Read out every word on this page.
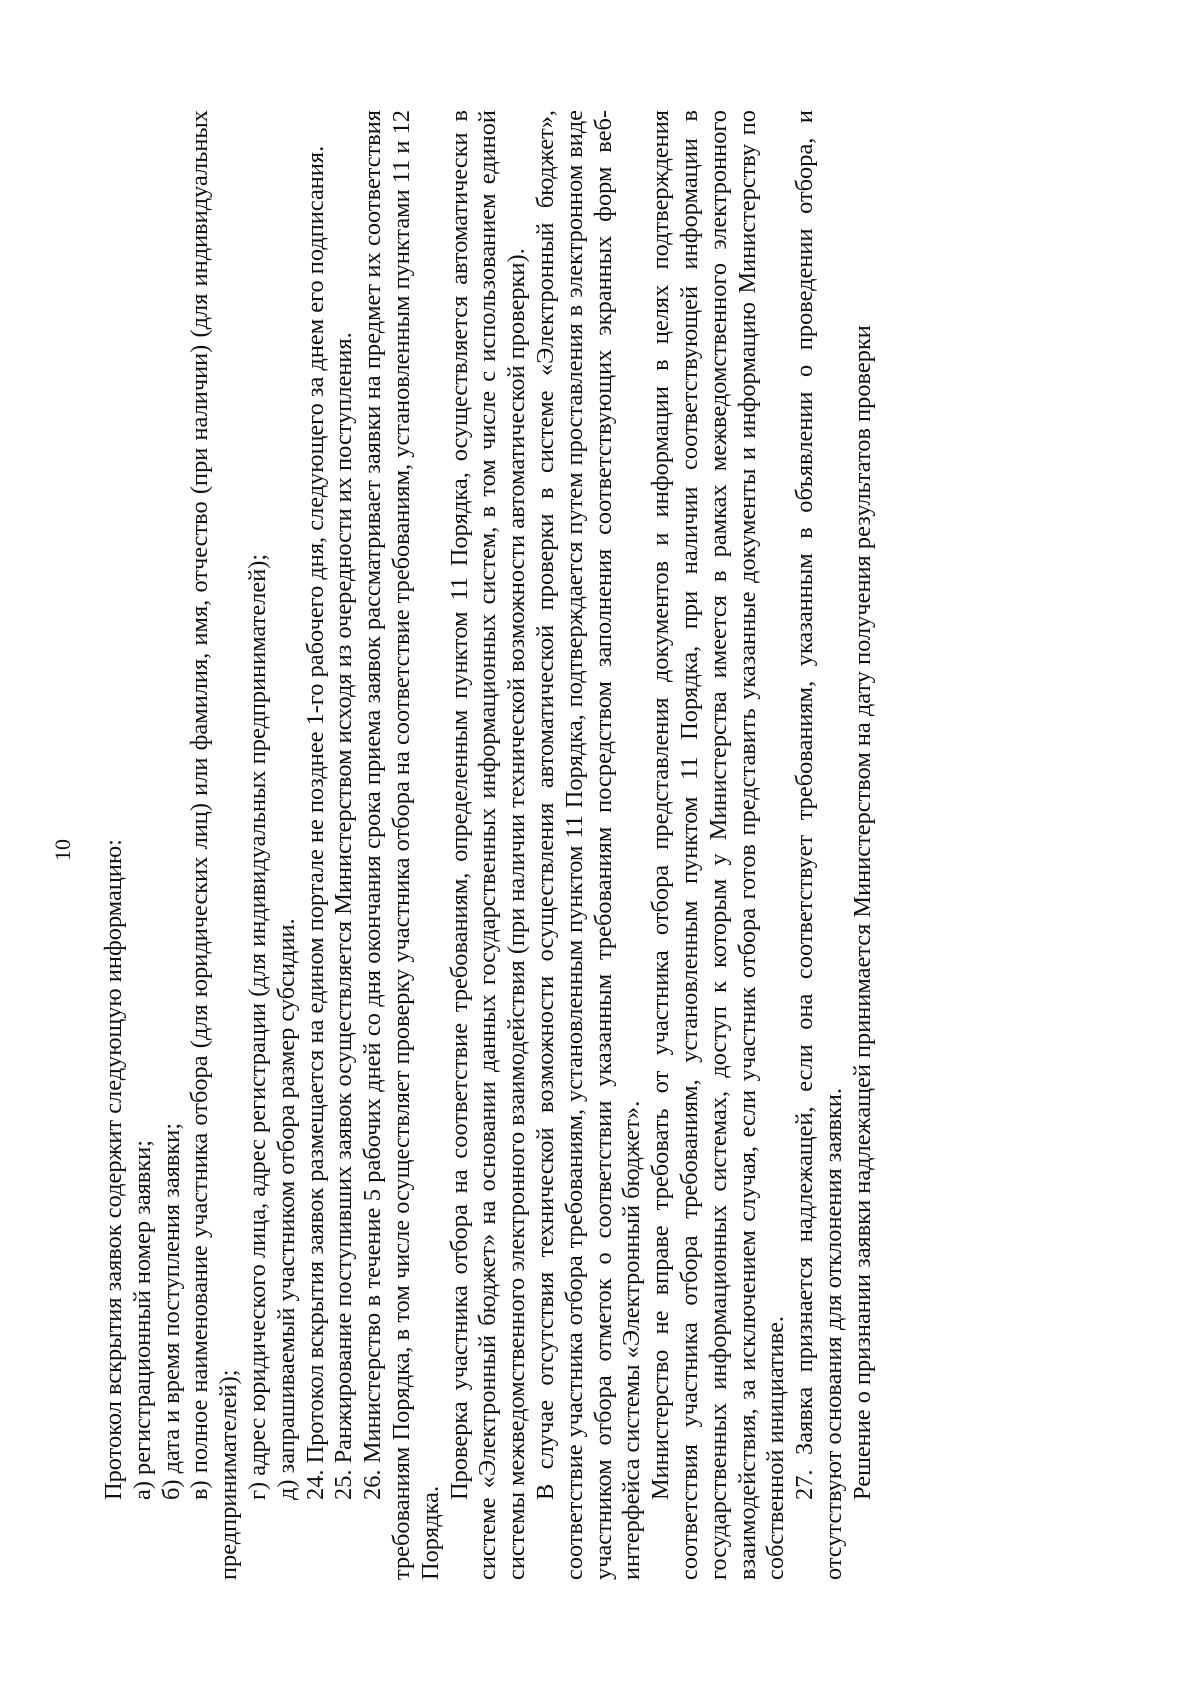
10 Протокол вскрытия заявок содержит следующую информацию: а) регистрационный номер заявки; б) дата и время поступления заявки; в) полное наименование участника отбора (для юридических лиц) или фамилия, имя, отчество (при наличии) (для индивидуальных предпринимателей); г) адрес юридического лица, адрес регистрации (для индивидуальных предпринимателей); д) запрашиваемый участником отбора размер субсидии. 24. Протокол вскрытия заявок размещается на едином портале не позднее 1-го рабочего дня, следующего за днем его подписания. 25. Ранжирование поступивших заявок осуществляется Министерством исходя из очередности их поступления. 26. Министерство в течение 5 рабочих дней со дня окончания срока приема заявок рассматривает заявки на предмет их соответствия требованиям Порядка, в том числе осуществляет проверку участника отбора на соответствие требованиям, установленным пунктами 11 и 12 Порядка.

Проверка участника отбора на соответствие требованиям, определенным пунктом 11 Порядка, осуществляется автоматически в системе «Электронный бюджет» на основании данных государственных информационных систем, в том числе с использованием единой системы межведомственного электронного взаимодействия (при наличии технической возможности автоматической проверки). В случае отсутствия технической возможности осуществления автоматической проверки в системе «Электронный бюджет», соответствие участника отбора требованиям, установленным пунктом 11 Порядка, подтверждается путем проставления в электронном виде участником отбора отметок о соответствии указанным требованиям посредством заполнения соответствующих экранных форм веб-интерфейса системы «Электронный бюджет». Министерство не вправе требовать от участника отбора представления документов и информации в целях подтверждения соответствия участника отбора требованиям, установленным пунктом 11 Порядка, при наличии соответствующей информации в государственных информационных системах, доступ к которым у Министерства имеется в рамках межведомственного электронного взаимодействия, за исключением случая, если участник отбора готов представить указанные документы и информацию Министерству по собственной инициативе. 27. Заявка признается надлежащей, если она соответствует требованиям, указанным в объявлении о проведении отбора, и отсутствуют основания для отклонения заявки. Решение о признании заявки надлежащей принимается Министерством на дату получения результатов проверки
